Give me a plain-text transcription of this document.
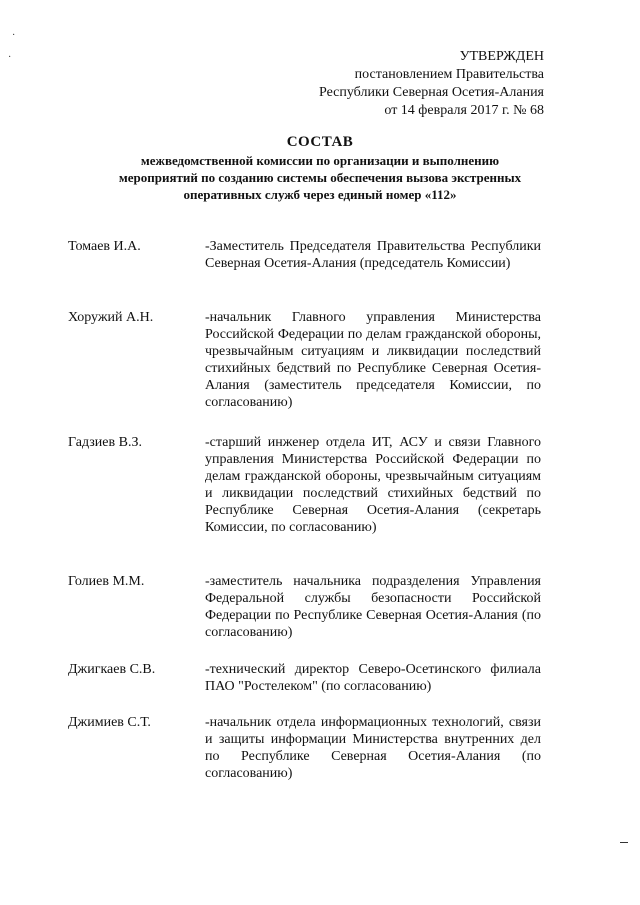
·
·	УТВЕРЖДЕН
постановлением Правительства
Республики Северная Осетия-Алания
от 14 февраля 2017 г. № 68
СОСТАВ
межведомственной комиссии по организации и выполнению
мероприятий по созданию системы обеспечения вызова экстренных
оперативных служб через единый номер «112»
Томаев И.А.	-Заместитель Председателя Правительства Республики Северная Осетия-Алания (председатель Комиссии)
Хоружий А.Н.	-начальник Главного управления Министерства Российской Федерации по делам гражданской обороны, чрезвычайным ситуациям и ликвидации последствий стихийных бедствий по Республике Северная Осетия-Алания (заместитель председателя Комиссии, по согласованию)
Гадзиев В.З.	-старший инженер отдела ИТ, АСУ и связи Главного управления Министерства Российской Федерации по делам гражданской обороны, чрезвычайным ситуациям и ликвидации последствий стихийных бедствий по Республике Северная Осетия-Алания (секретарь Комиссии, по согласованию)
Голиев М.М.	-заместитель начальника подразделения Управления Федеральной службы безопасности Российской Федерации по Республике Северная Осетия-Алания (по согласованию)
Джигкаев С.В.	-технический директор Северо-Осетинского филиала ПАО "Ростелеком" (по согласованию)
Джимиев С.Т.	-начальник отдела информационных технологий, связи и защиты информации Министерства внутренних дел по Республике Северная Осетия-Алания (по согласованию)
